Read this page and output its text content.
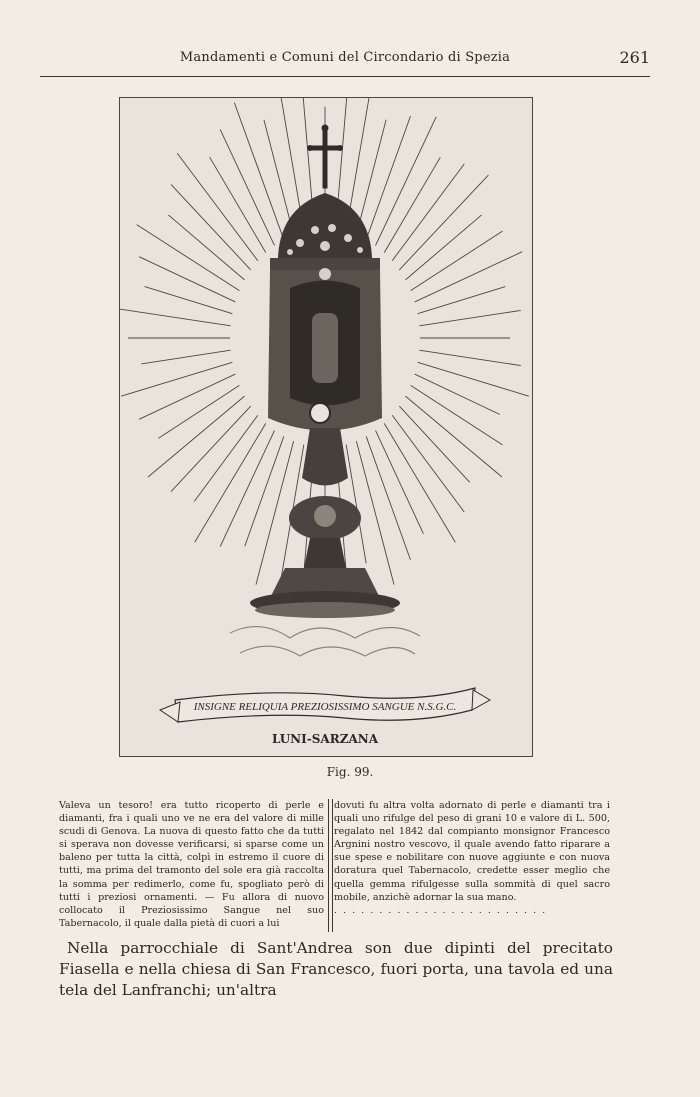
Mandamenti e Comuni del Circondario di Spezia	261
INSIGNE RELIQUIA PREZIOSISSIMO SANGUE N.S.G.C.
LUNI-SARZANA
Fig. 99.
Valeva un tesoro! era tutto ricoperto di perle e diamanti, fra i quali uno ve ne era del valore di mille scudi di Genova. La nuova di questo fatto che da tutti si sperava non dovesse verificarsi, si sparse come un baleno per tutta la città, colpì in estremo il cuore di tutti, ma prima del tramonto del sole era già raccolta la somma per redimerlo, come fu, spogliato però di tutti i preziosi ornamenti. — Fu allora di nuovo collocato il Preziosissimo Sangue nel suo Tabernacolo, il quale dalla pietà di cuori a lui
dovuti fu altra volta adornato di perle e diamanti tra i quali uno rifulge del peso di grani 10 e valore di L. 500, regalato nel 1842 dal compianto monsignor Francesco Argnini nostro vescovo, il quale avendo fatto riparare a sue spese e nobilitare con nuove aggiunte e con nuova doratura quel Tabernacolo, credette esser meglio che quella gemma rifulgesse sulla sommità di quel sacro mobile, anzichè adornar la sua mano.
........................
Nella parrocchiale di Sant'Andrea son due dipinti del precitato Fiasella e nella chiesa di San Francesco, fuori porta, una tavola ed una tela del Lanfranchi; un'altra
